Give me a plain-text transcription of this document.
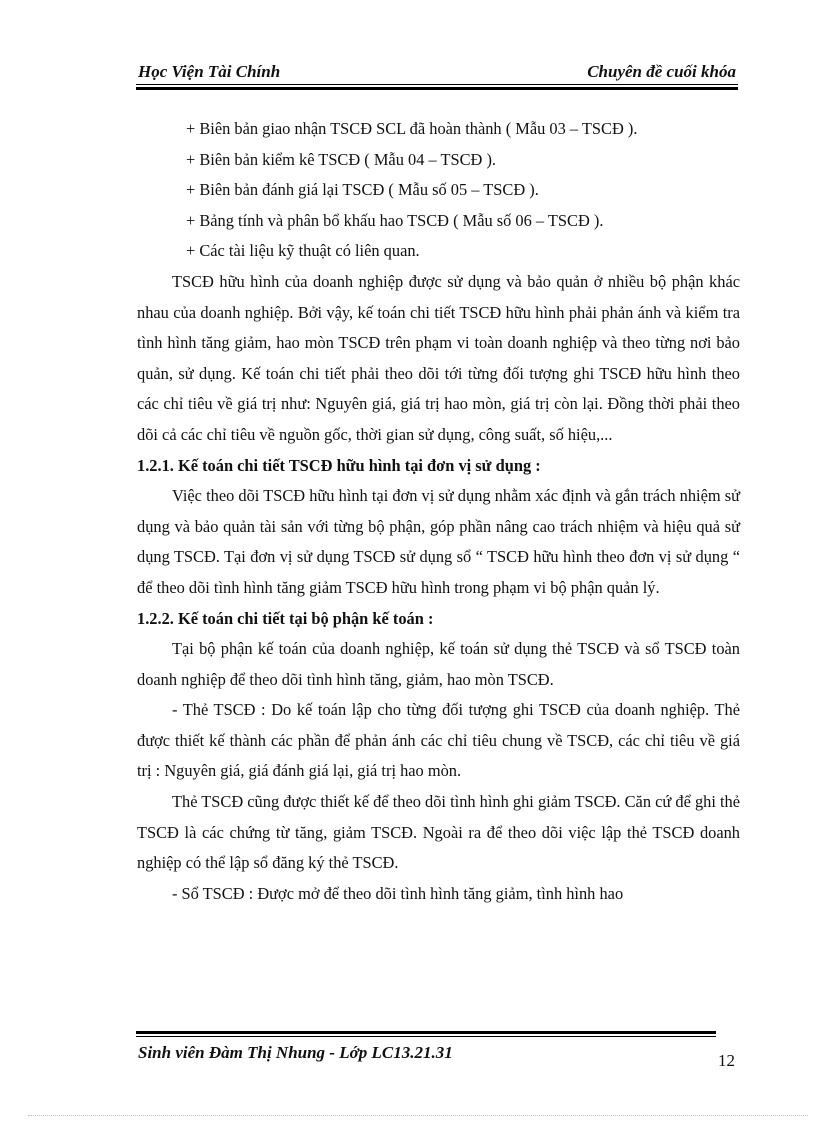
Học Viện Tài Chính	Chuyên đề cuối khóa

+ Biên bản giao nhận TSCĐ SCL đã hoàn thành ( Mẫu 03 – TSCĐ ).

+ Biên bản kiểm kê TSCĐ ( Mẫu 04 – TSCĐ ).

+ Biên bản đánh giá lại TSCĐ ( Mẫu số 05 – TSCĐ ).

+ Bảng tính và phân bổ khấu hao TSCĐ ( Mẫu số 06 – TSCĐ ).

+ Các tài liệu kỹ thuật có liên quan.

TSCĐ hữu hình của doanh nghiệp được sử dụng và bảo quản ở nhiều bộ phận khác nhau của doanh nghiệp. Bởi vậy, kế toán chi tiết TSCĐ hữu hình phải phản ánh và kiểm tra tình hình tăng giảm, hao mòn TSCĐ trên phạm vi toàn doanh nghiệp và theo từng nơi bảo quản, sử dụng. Kế toán chi tiết phải theo dõi tới từng đối tượng ghi TSCĐ hữu hình theo các chỉ tiêu về giá trị như: Nguyên giá, giá trị hao mòn, giá trị còn lại. Đồng thời phải theo dõi cả các chỉ tiêu về nguồn gốc, thời gian sử dụng, công suất, số hiệu,...

1.2.1. Kế toán chi tiết TSCĐ hữu hình tại đơn vị sử dụng :

Việc theo dõi TSCĐ hữu hình tại đơn vị sử dụng nhằm xác định và gắn trách nhiệm sử dụng và bảo quản tài sản với từng bộ phận, góp phần nâng cao trách nhiệm và hiệu quả sử dụng TSCĐ. Tại đơn vị sử dụng TSCĐ sử dụng sổ “ TSCĐ hữu hình theo đơn vị sử dụng “ để theo dõi tình hình tăng giảm TSCĐ hữu hình trong phạm vi bộ phận quản lý.

1.2.2. Kế toán chi tiết tại bộ phận kế toán :

Tại bộ phận kế toán của doanh nghiệp, kế toán sử dụng thẻ TSCĐ và sổ TSCĐ toàn doanh nghiệp để theo dõi tình hình tăng, giảm, hao mòn TSCĐ.

- Thẻ TSCĐ : Do kế toán lập cho từng đối tượng ghi TSCĐ của doanh nghiệp. Thẻ được thiết kế thành các phần để phản ánh các chỉ tiêu chung về TSCĐ, các chỉ tiêu về giá trị : Nguyên giá, giá đánh giá lại, giá trị hao mòn.

Thẻ TSCĐ cũng được thiết kế để theo dõi tình hình ghi giảm TSCĐ. Căn cứ để ghi thẻ TSCĐ là các chứng từ tăng, giảm TSCĐ. Ngoài ra để theo dõi việc lập thẻ TSCĐ doanh nghiệp có thể lập sổ đăng ký thẻ TSCĐ.

- Sổ TSCĐ : Được mở để theo dõi tình hình tăng giảm, tình hình hao

Sinh viên Đàm Thị Nhung - Lớp LC13.21.31	12
